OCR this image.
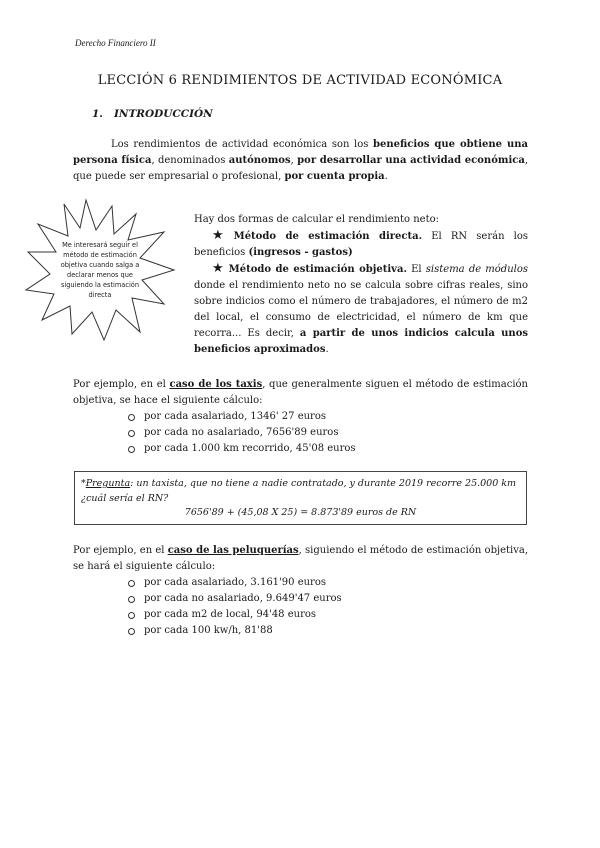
Derecho Financiero II
LECCIÓN 6 RENDIMIENTOS DE ACTIVIDAD ECONÓMICA
1. INTRODUCCIÓN
Los rendimientos de actividad económica son los beneficios que obtiene una persona física, denominados autónomos, por desarrollar una actividad económica, que puede ser empresarial o profesional, por cuenta propia.
Me interesará seguir el método de estimación objetiva cuando salga a declarar menos que siguiendo la estimación directa
Hay dos formas de calcular el rendimiento neto:
★ Método de estimación directa. El RN serán los beneficios (ingresos - gastos)
★ Método de estimación objetiva. El sistema de módulos donde el rendimiento neto no se calcula sobre cifras reales, sino sobre indicios como el número de trabajadores, el número de m2 del local, el consumo de electricidad, el número de km que recorra... Es decir, a partir de unos indicios calcula unos beneficios aproximados.
Por ejemplo, en el caso de los taxis, que generalmente siguen el método de estimación objetiva, se hace el siguiente cálculo:
por cada asalariado, 1346' 27 euros
por cada no asalariado, 7656'89 euros
por cada 1.000 km recorrido, 45'08 euros
*Pregunta: un taxista, que no tiene a nadie contratado, y durante 2019 recorre 25.000 km ¿cuál sería el RN?
7656'89 + (45,08 X 25) = 8.873'89 euros de RN
Por ejemplo, en el caso de las peluquerías, siguiendo el método de estimación objetiva, se hará el siguiente cálculo:
por cada asalariado, 3.161'90 euros
por cada no asalariado, 9.649'47 euros
por cada m2 de local, 94'48 euros
por cada 100 kw/h, 81'88
